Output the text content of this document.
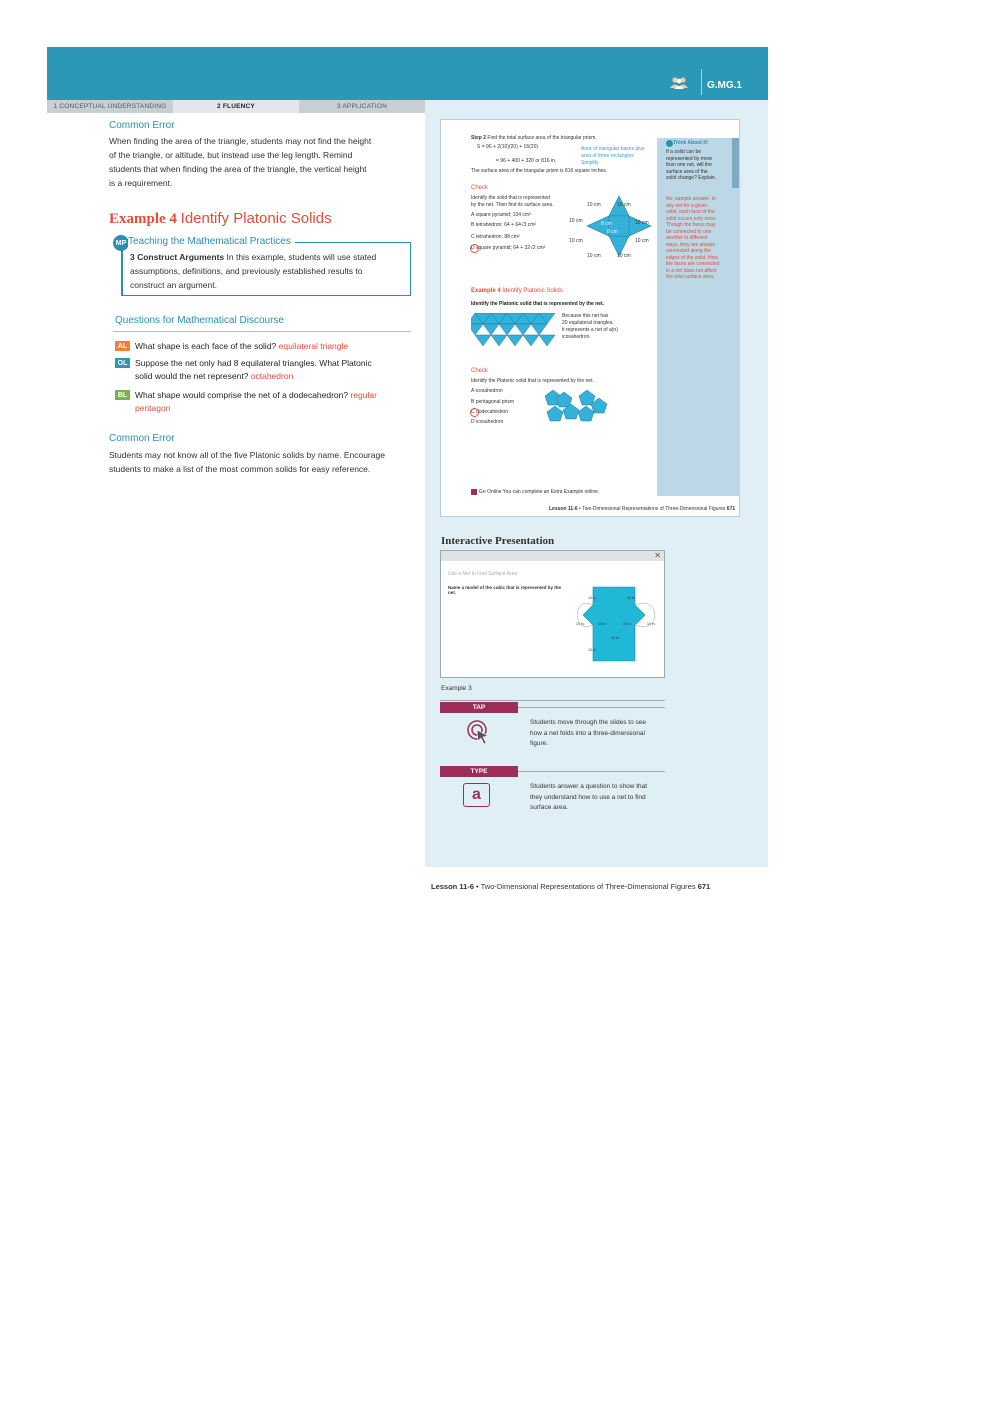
G.MG.1
1 CONCEPTUAL UNDERSTANDING	2 FLUENCY	3 APPLICATION
Common Error
When finding the area of the triangle, students may not find the height
of the triangle, or altitude, but instead use the leg length. Remind
students that when finding the area of the triangle, the vertical height
is a requirement.
Example 4 Identify Platonic Solids
MP Teaching the Mathematical Practices
3 Construct Arguments In this example, students will use stated
assumptions, definitions, and previously established results to
construct an argument.
Questions for Mathematical Discourse
AL What shape is each face of the solid? equilateral triangle
OL Suppose the net only had 8 equilateral triangles. What Platonic
solid would the net represent? octahedron
BL What shape would comprise the net of a dodecahedron? regular
pentagon
Common Error
Students may not know all of the five Platonic solids by name. Encourage
students to make a list of the most common solids for easy reference.
Step 2 Find the total surface area of the triangular prism.
S = 96 + 2(10)(20) + 16(20)	Area of triangular bases plus area of three rectangles
= 96 + 400 + 320 or 816 in.	Simplify.
The surface area of the triangular prism is 816 square inches.
Check
Identify the solid that is represented
by the net. Then find its surface area.
A square pyramid; 104 cm²
B tetrahedron; 64 + 64√3 cm²
C tetrahedron; 88 cm²
D square pyramid; 64 + 32√2 cm²
10 cm	10 cm
10 cm	10 cm
10 cm	10 cm
10 cm	10 cm
8 cm
8 cm
Think About It!
If a solid can be
represented by more
than one net, will the
surface area of the
solid change? Explain.
No; sample answer: In
any net for a given
solid, each face of the
solid occurs only once.
Though the faces may
be connected to one
another in different
ways, they are always
connected along the
edges of the solid. How
the faces are connected
in a net does not affect
the total surface area.
Example 4 Identify Platonic Solids
Identify the Platonic solid that is represented by the net.
Because this net has
20 equilateral triangles,
it represents a net of a(n)
icosahedron.
Check
Identify the Platonic solid that is represented by the net.
A icosahedron
B pentagonal prism
C dodecahedron
D icosahedron
Go Online You can complete an Extra Example online.
Lesson 11-6 • Two-Dimensional Representations of Three-Dimensional Figures 671
Interactive Presentation
✕
Use a Net to Find Surface Area
Name a model of the cubic that is represented by the net.
10 in.	10 in.
10 in.	10 in.
10 in.	10 in.
10 in.
10 in.
Example 3
TAP
Students move through the slides to see
how a net folds into a three-dimensional
figure.
TYPE
a	Students answer a question to show that
they understand how to use a net to find
surface area.
Lesson 11-6 • Two-Dimensional Representations of Three-Dimensional Figures 671
